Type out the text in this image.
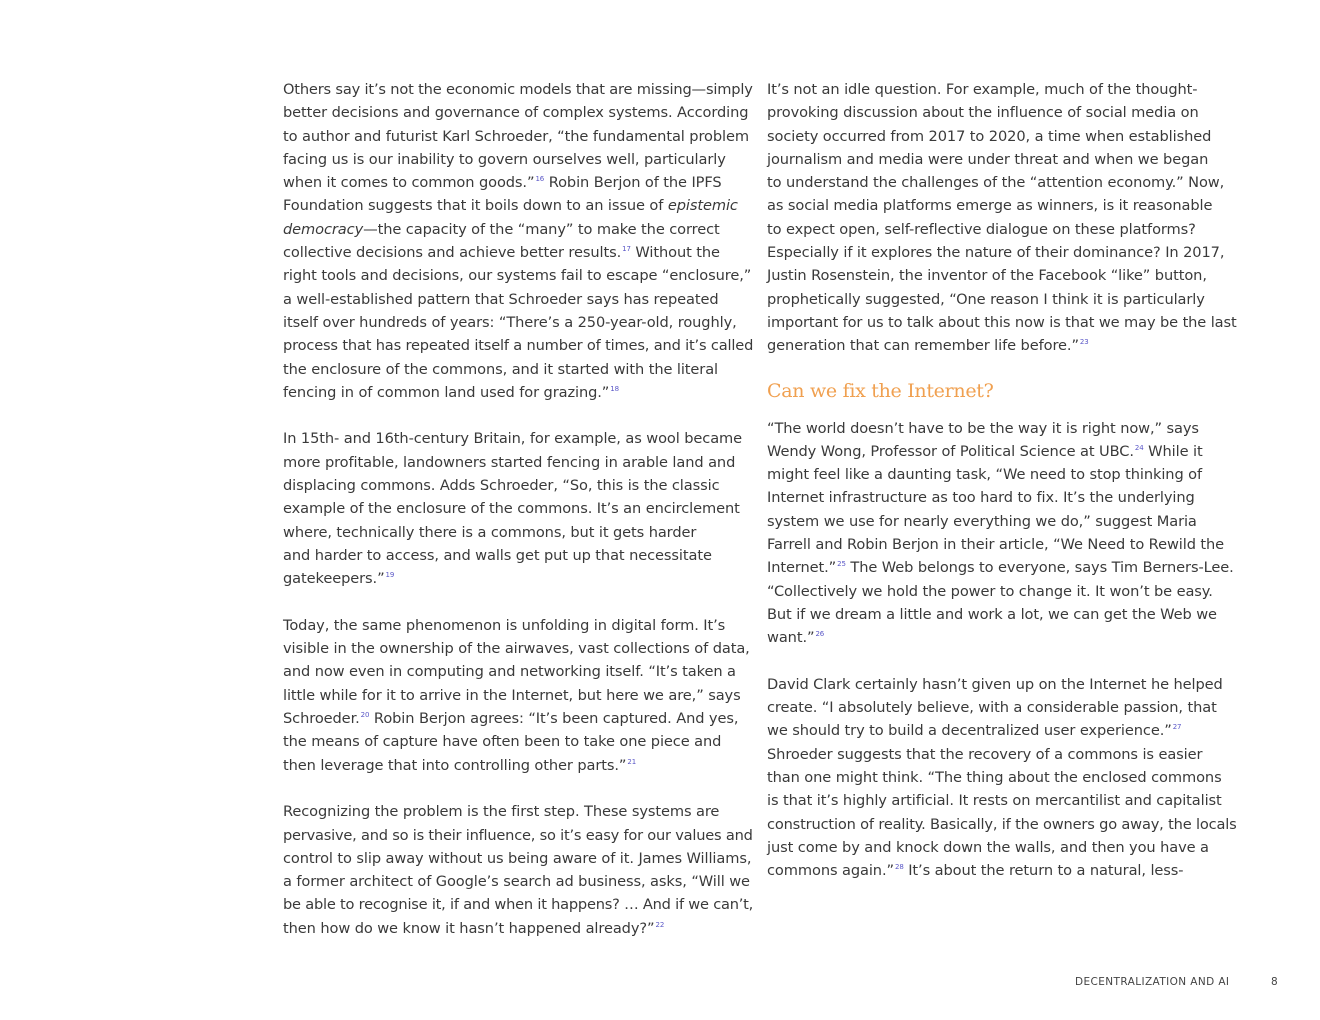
Others say it’s not the economic models that are missing—simply
better decisions and governance of complex systems. According
to author and futurist Karl Schroeder, “the fundamental problem
facing us is our inability to govern ourselves well, particularly
when it comes to common goods.”$^{16}$ Robin Berjon of the IPFS
Foundation suggests that it boils down to an issue of epistemic
democracy—the capacity of the “many” to make the correct
collective decisions and achieve better results.$^{17}$ Without the
right tools and decisions, our systems fail to escape “enclosure,”
a well-established pattern that Schroeder says has repeated
itself over hundreds of years: “There’s a 250-year-old, roughly,
process that has repeated itself a number of times, and it’s called
the enclosure of the commons, and it started with the literal
fencing in of common land used for grazing.”$^{18}$

In 15th- and 16th-century Britain, for example, as wool became
more profitable, landowners started fencing in arable land and
displacing commons. Adds Schroeder, “So, this is the classic
example of the enclosure of the commons. It’s an encirclement
where, technically there is a commons, but it gets harder
and harder to access, and walls get put up that necessitate
gatekeepers.”$^{19}$

Today, the same phenomenon is unfolding in digital form. It’s
visible in the ownership of the airwaves, vast collections of data,
and now even in computing and networking itself. “It’s taken a
little while for it to arrive in the Internet, but here we are,” says
Schroeder.$^{20}$ Robin Berjon agrees: “It’s been captured. And yes,
the means of capture have often been to take one piece and
then leverage that into controlling other parts.”$^{21}$

Recognizing the problem is the first step. These systems are
pervasive, and so is their influence, so it’s easy for our values and
control to slip away without us being aware of it. James Williams,
a former architect of Google’s search ad business, asks, “Will we
be able to recognise it, if and when it happens? … And if we can’t,
then how do we know it hasn’t happened already?”$^{22}$

It’s not an idle question. For example, much of the thought-
provoking discussion about the influence of social media on
society occurred from 2017 to 2020, a time when established
journalism and media were under threat and when we began
to understand the challenges of the “attention economy.” Now,
as social media platforms emerge as winners, is it reasonable
to expect open, self-reflective dialogue on these platforms?
Especially if it explores the nature of their dominance? In 2017,
Justin Rosenstein, the inventor of the Facebook “like” button,
prophetically suggested, “One reason I think it is particularly
important for us to talk about this now is that we may be the last
generation that can remember life before.”$^{23}$

Can we fix the Internet?

“The world doesn’t have to be the way it is right now,” says
Wendy Wong, Professor of Political Science at UBC.$^{24}$ While it
might feel like a daunting task, “We need to stop thinking of
Internet infrastructure as too hard to fix. It’s the underlying
system we use for nearly everything we do,” suggest Maria
Farrell and Robin Berjon in their article, “We Need to Rewild the
Internet.”$^{25}$ The Web belongs to everyone, says Tim Berners-Lee.
“Collectively we hold the power to change it. It won’t be easy.
But if we dream a little and work a lot, we can get the Web we
want.”$^{26}$

David Clark certainly hasn’t given up on the Internet he helped
create. “I absolutely believe, with a considerable passion, that
we should try to build a decentralized user experience.”$^{27}$
Shroeder suggests that the recovery of a commons is easier
than one might think. “The thing about the enclosed commons
is that it’s highly artificial. It rests on mercantilist and capitalist
construction of reality. Basically, if the owners go away, the locals
just come by and knock down the walls, and then you have a
commons again.”$^{28}$ It’s about the return to a natural, less-

DECENTRALIZATION AND AI	8
